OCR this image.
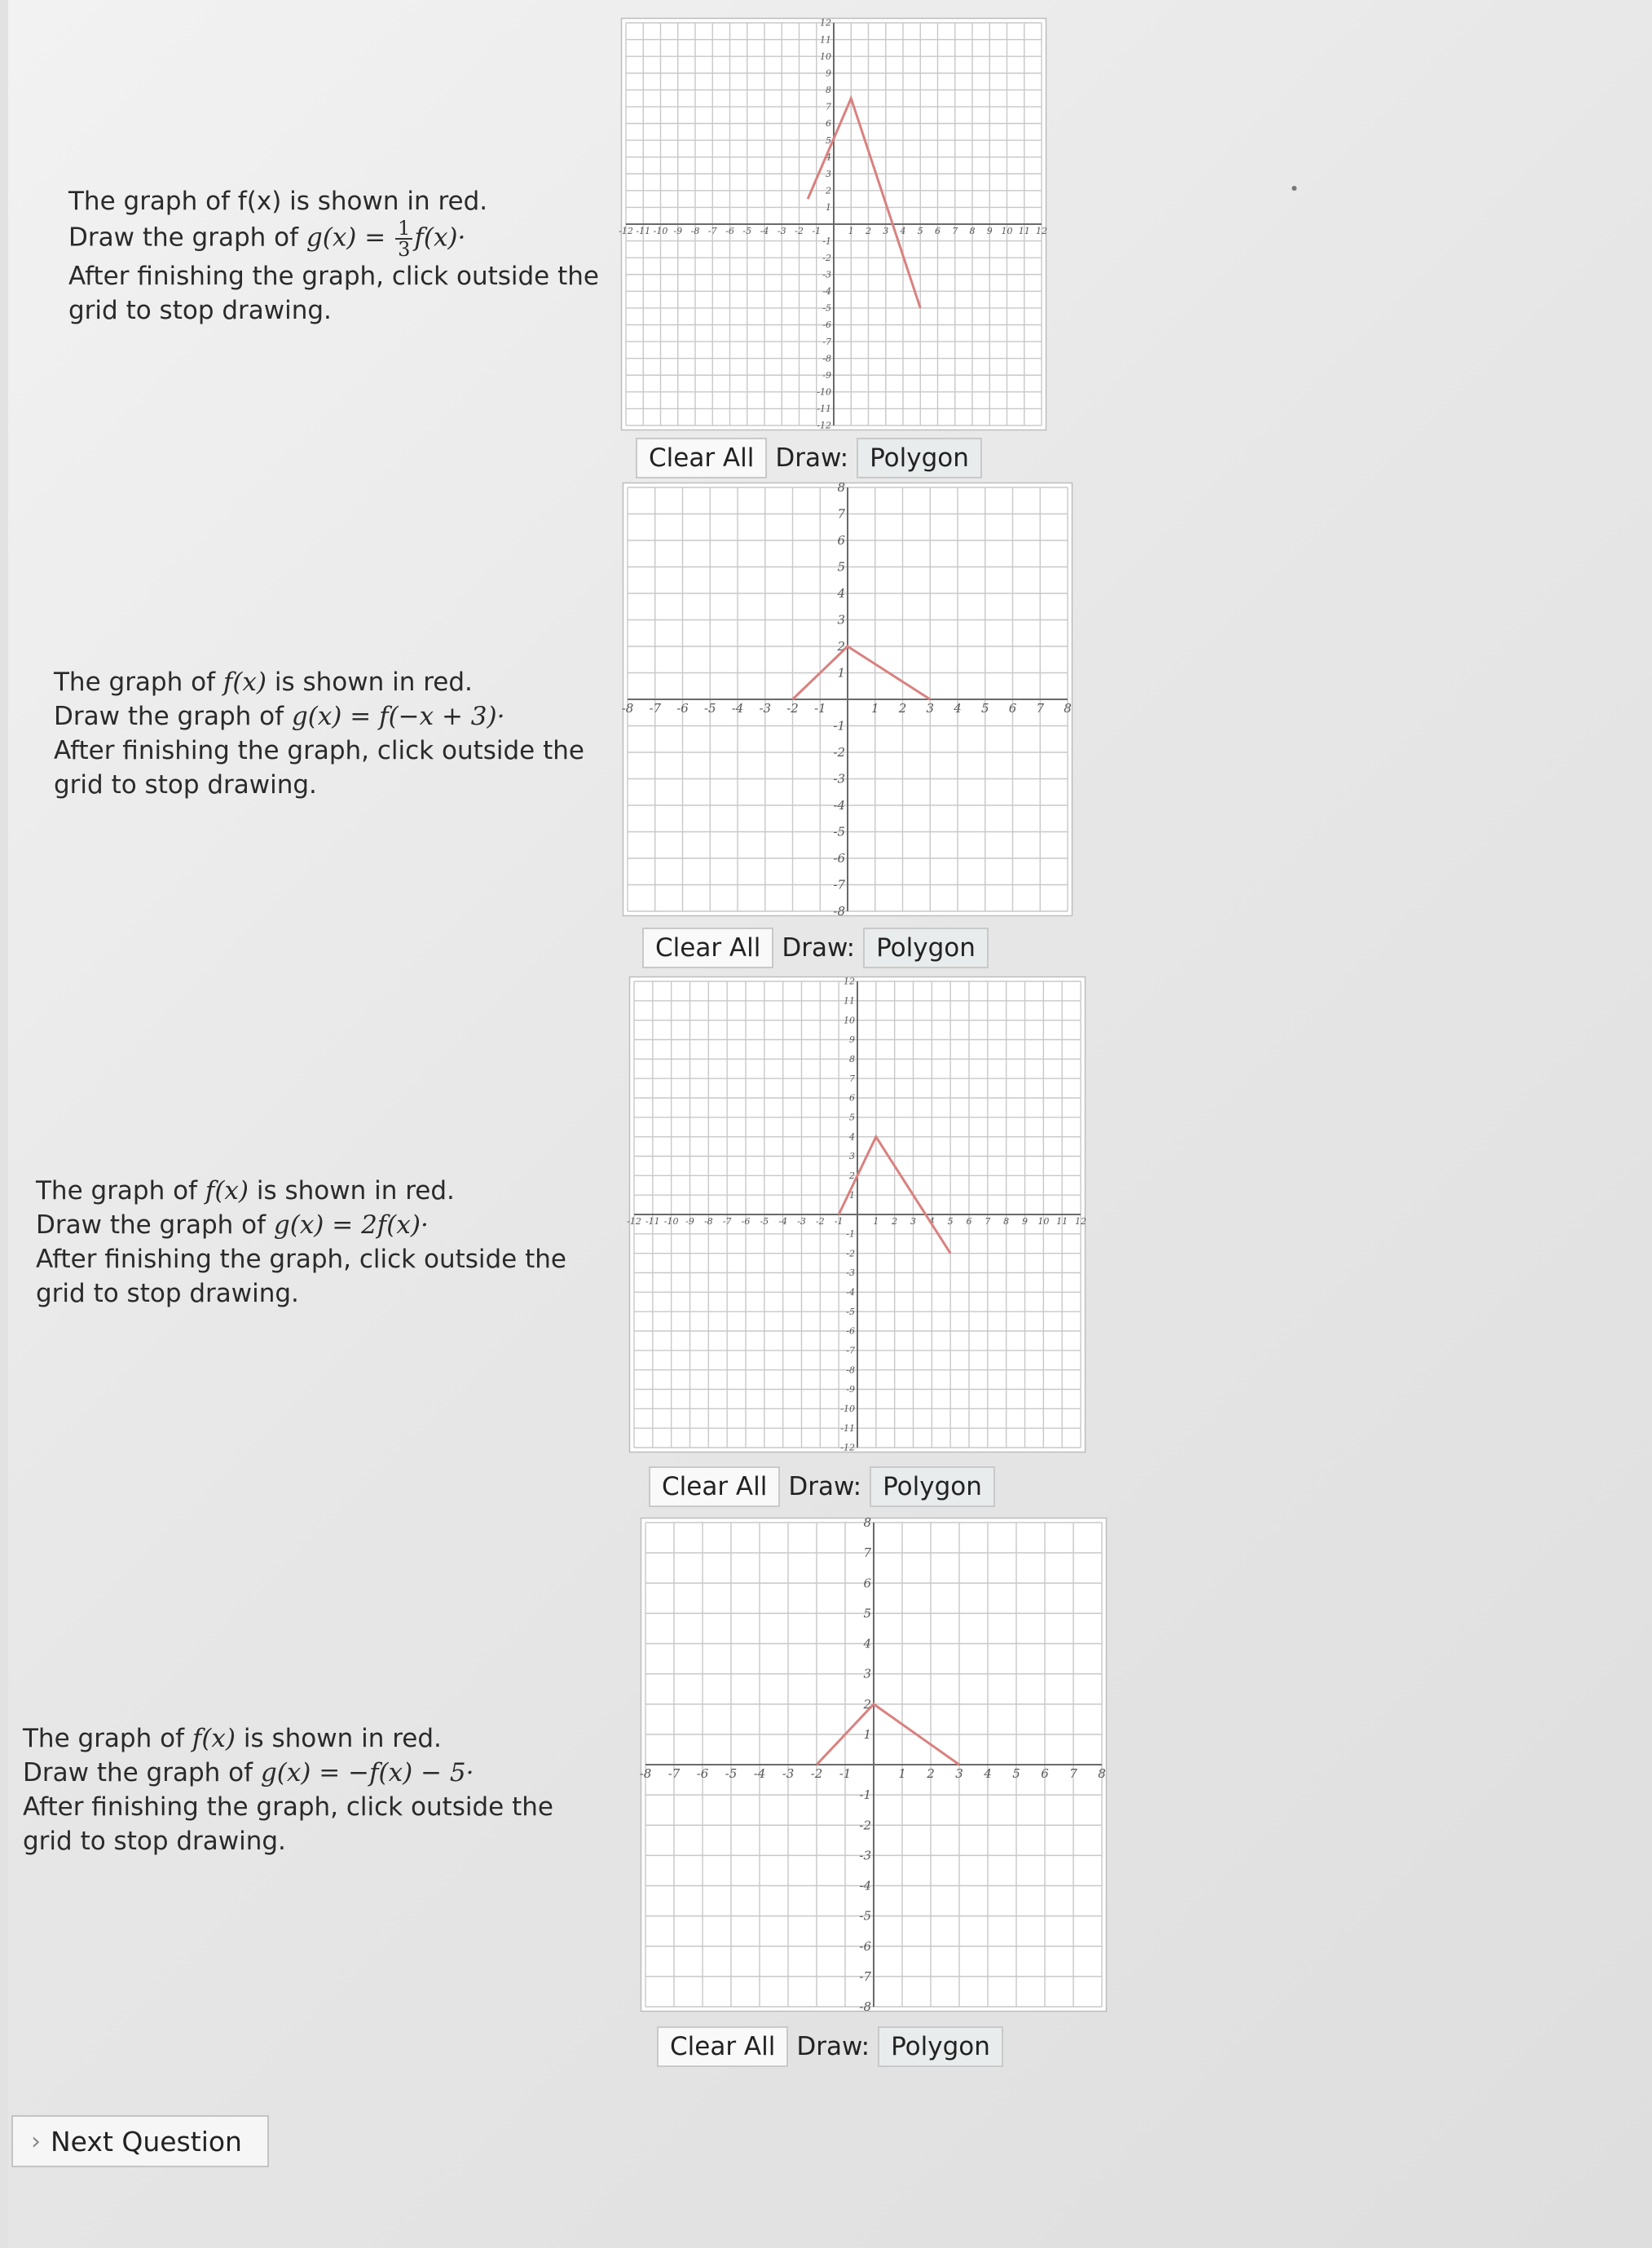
The graph of f(x) is shown in red.

Draw the graph of $g(x) = \frac{1}{3} f(x)\cdot$

After finishing the graph, click outside the

grid to stop drawing.

-12
-12
-11
-11
-10
-10
-9
-9
-8
-8
-7
-7
-6
-6
-5
-5
-4
-4
-3
-3
-2
-2
-1
-1
1
1
2
2
3
3
4
4
5
5
6
6
7
7
8
8
9
9
10
10
11
11
12
12
Clear All Draw: Polygon

The graph of f(x) is shown in red.

Draw the graph of g(x) = f(−x + 3)·

After finishing the graph, click outside the

grid to stop drawing.

-8
-8
-7
-7
-6
-6
-5
-5
-4
-4
-3
-3
-2
-2
-1
-1
1
1
2
2
3
3
4
4
5
5
6
6
7
7
8
8
Clear All Draw: Polygon

The graph of f(x) is shown in red.

Draw the graph of g(x) = 2f(x)·

After finishing the graph, click outside the

grid to stop drawing.

-12
-12
-11
-11
-10
-10
-9
-9
-8
-8
-7
-7
-6
-6
-5
-5
-4
-4
-3
-3
-2
-2
-1
-1
1
1
2
2
3
3
4
4
5
5
6
6
7
7
8
8
9
9
10
10
11
11
12
12
Clear All Draw: Polygon

The graph of f(x) is shown in red.

Draw the graph of g(x) = −f(x) − 5·

After finishing the graph, click outside the

grid to stop drawing.

-8
-8
-7
-7
-6
-6
-5
-5
-4
-4
-3
-3
-2
-2
-1
-1
1
1
2
2
3
3
4
4
5
5
6
6
7
7
8
8
Clear All Draw: Polygon
› Next Question
